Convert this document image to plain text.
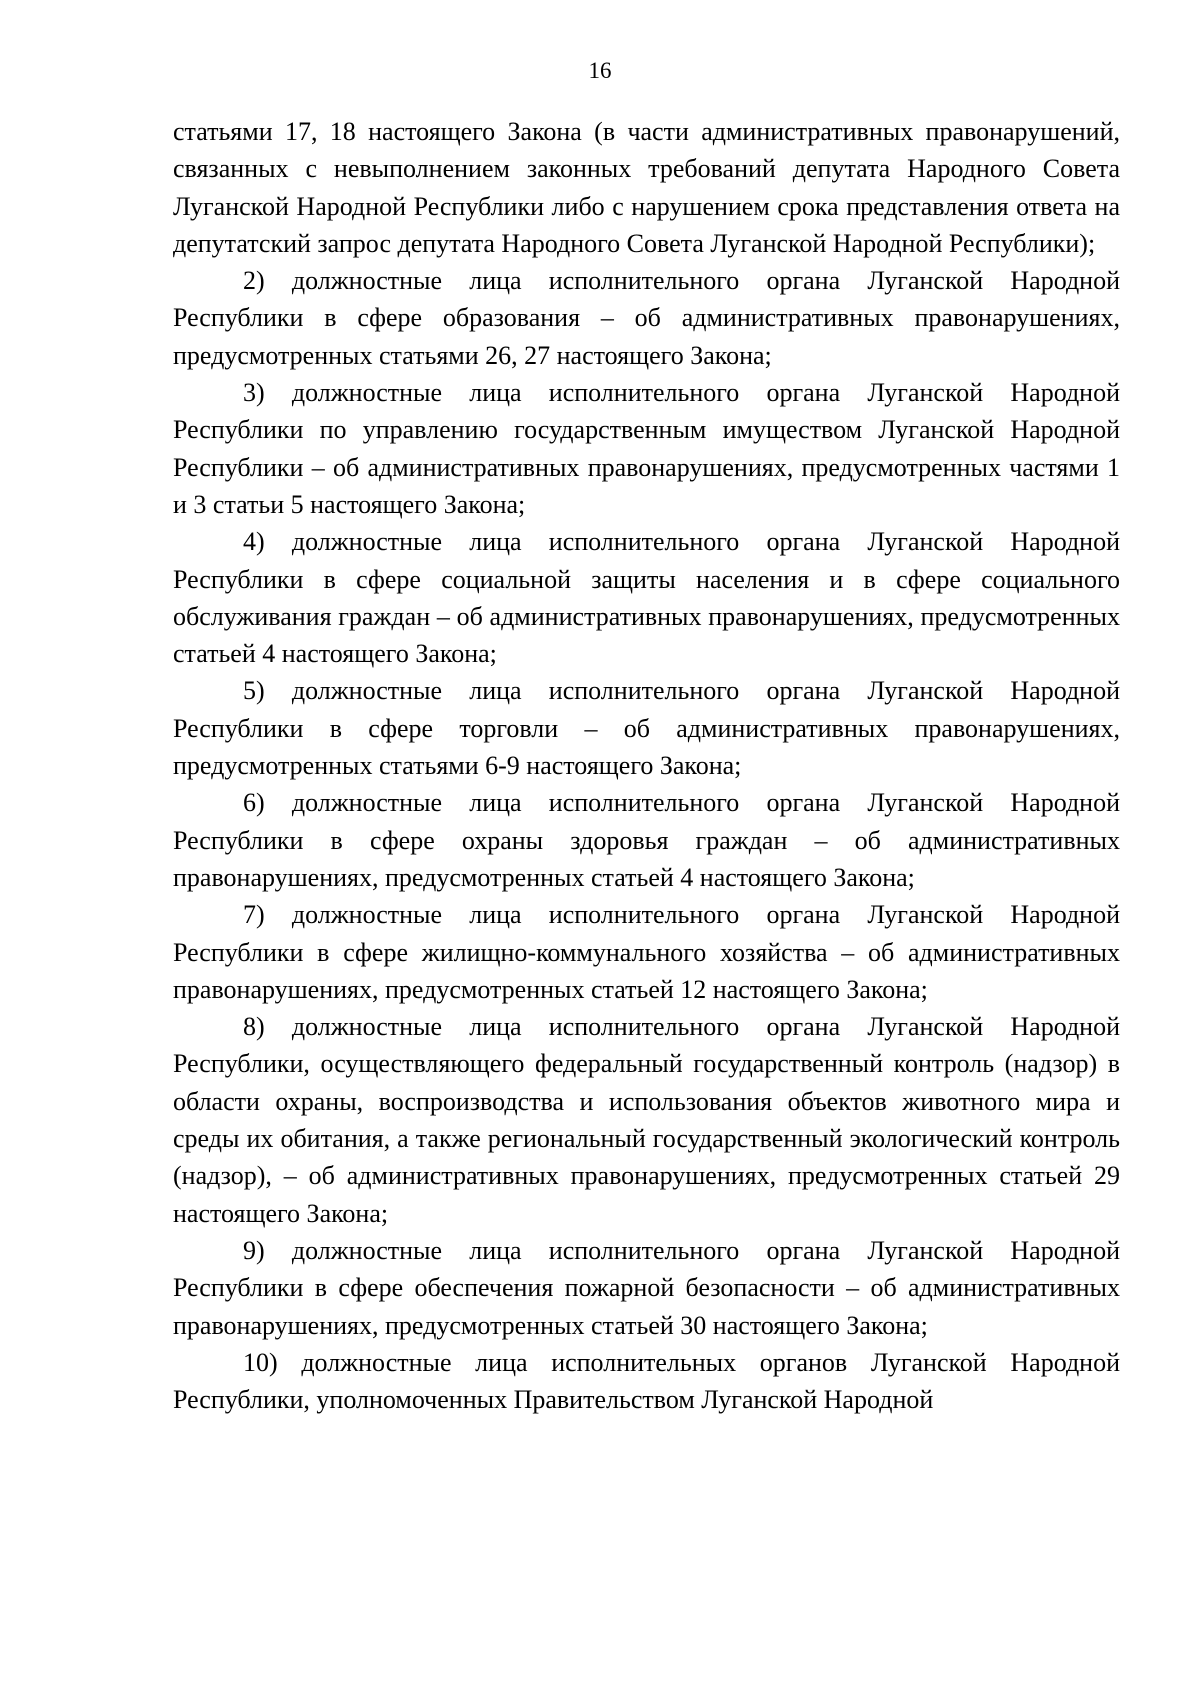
16

статьями 17, 18 настоящего Закона (в части административных правонарушений, связанных с невыполнением законных требований депутата Народного Совета Луганской Народной Республики либо с нарушением срока представления ответа на депутатский запрос депутата Народного Совета Луганской Народной Республики);

2) должностные лица исполнительного органа Луганской Народной Республики в сфере образования – об административных правонарушениях, предусмотренных статьями 26, 27 настоящего Закона;

3) должностные лица исполнительного органа Луганской Народной Республики по управлению государственным имуществом Луганской Народной Республики – об административных правонарушениях, предусмотренных частями 1 и 3 статьи 5 настоящего Закона;

4) должностные лица исполнительного органа Луганской Народной Республики в сфере социальной защиты населения и в сфере социального обслуживания граждан – об административных правонарушениях, предусмотренных статьей 4 настоящего Закона;

5) должностные лица исполнительного органа Луганской Народной Республики в сфере торговли – об административных правонарушениях, предусмотренных статьями 6-9 настоящего Закона;

6) должностные лица исполнительного органа Луганской Народной Республики в сфере охраны здоровья граждан – об административных правонарушениях, предусмотренных статьей 4 настоящего Закона;

7) должностные лица исполнительного органа Луганской Народной Республики в сфере жилищно-коммунального хозяйства – об административных правонарушениях, предусмотренных статьей 12 настоящего Закона;

8) должностные лица исполнительного органа Луганской Народной Республики, осуществляющего федеральный государственный контроль (надзор) в области охраны, воспроизводства и использования объектов животного мира и среды их обитания, а также региональный государственный экологический контроль (надзор), – об административных правонарушениях, предусмотренных статьей 29 настоящего Закона;

9) должностные лица исполнительного органа Луганской Народной Республики в сфере обеспечения пожарной безопасности – об административных правонарушениях, предусмотренных статьей 30 настоящего Закона;

10) должностные лица исполнительных органов Луганской Народной Республики, уполномоченных Правительством Луганской Народной
